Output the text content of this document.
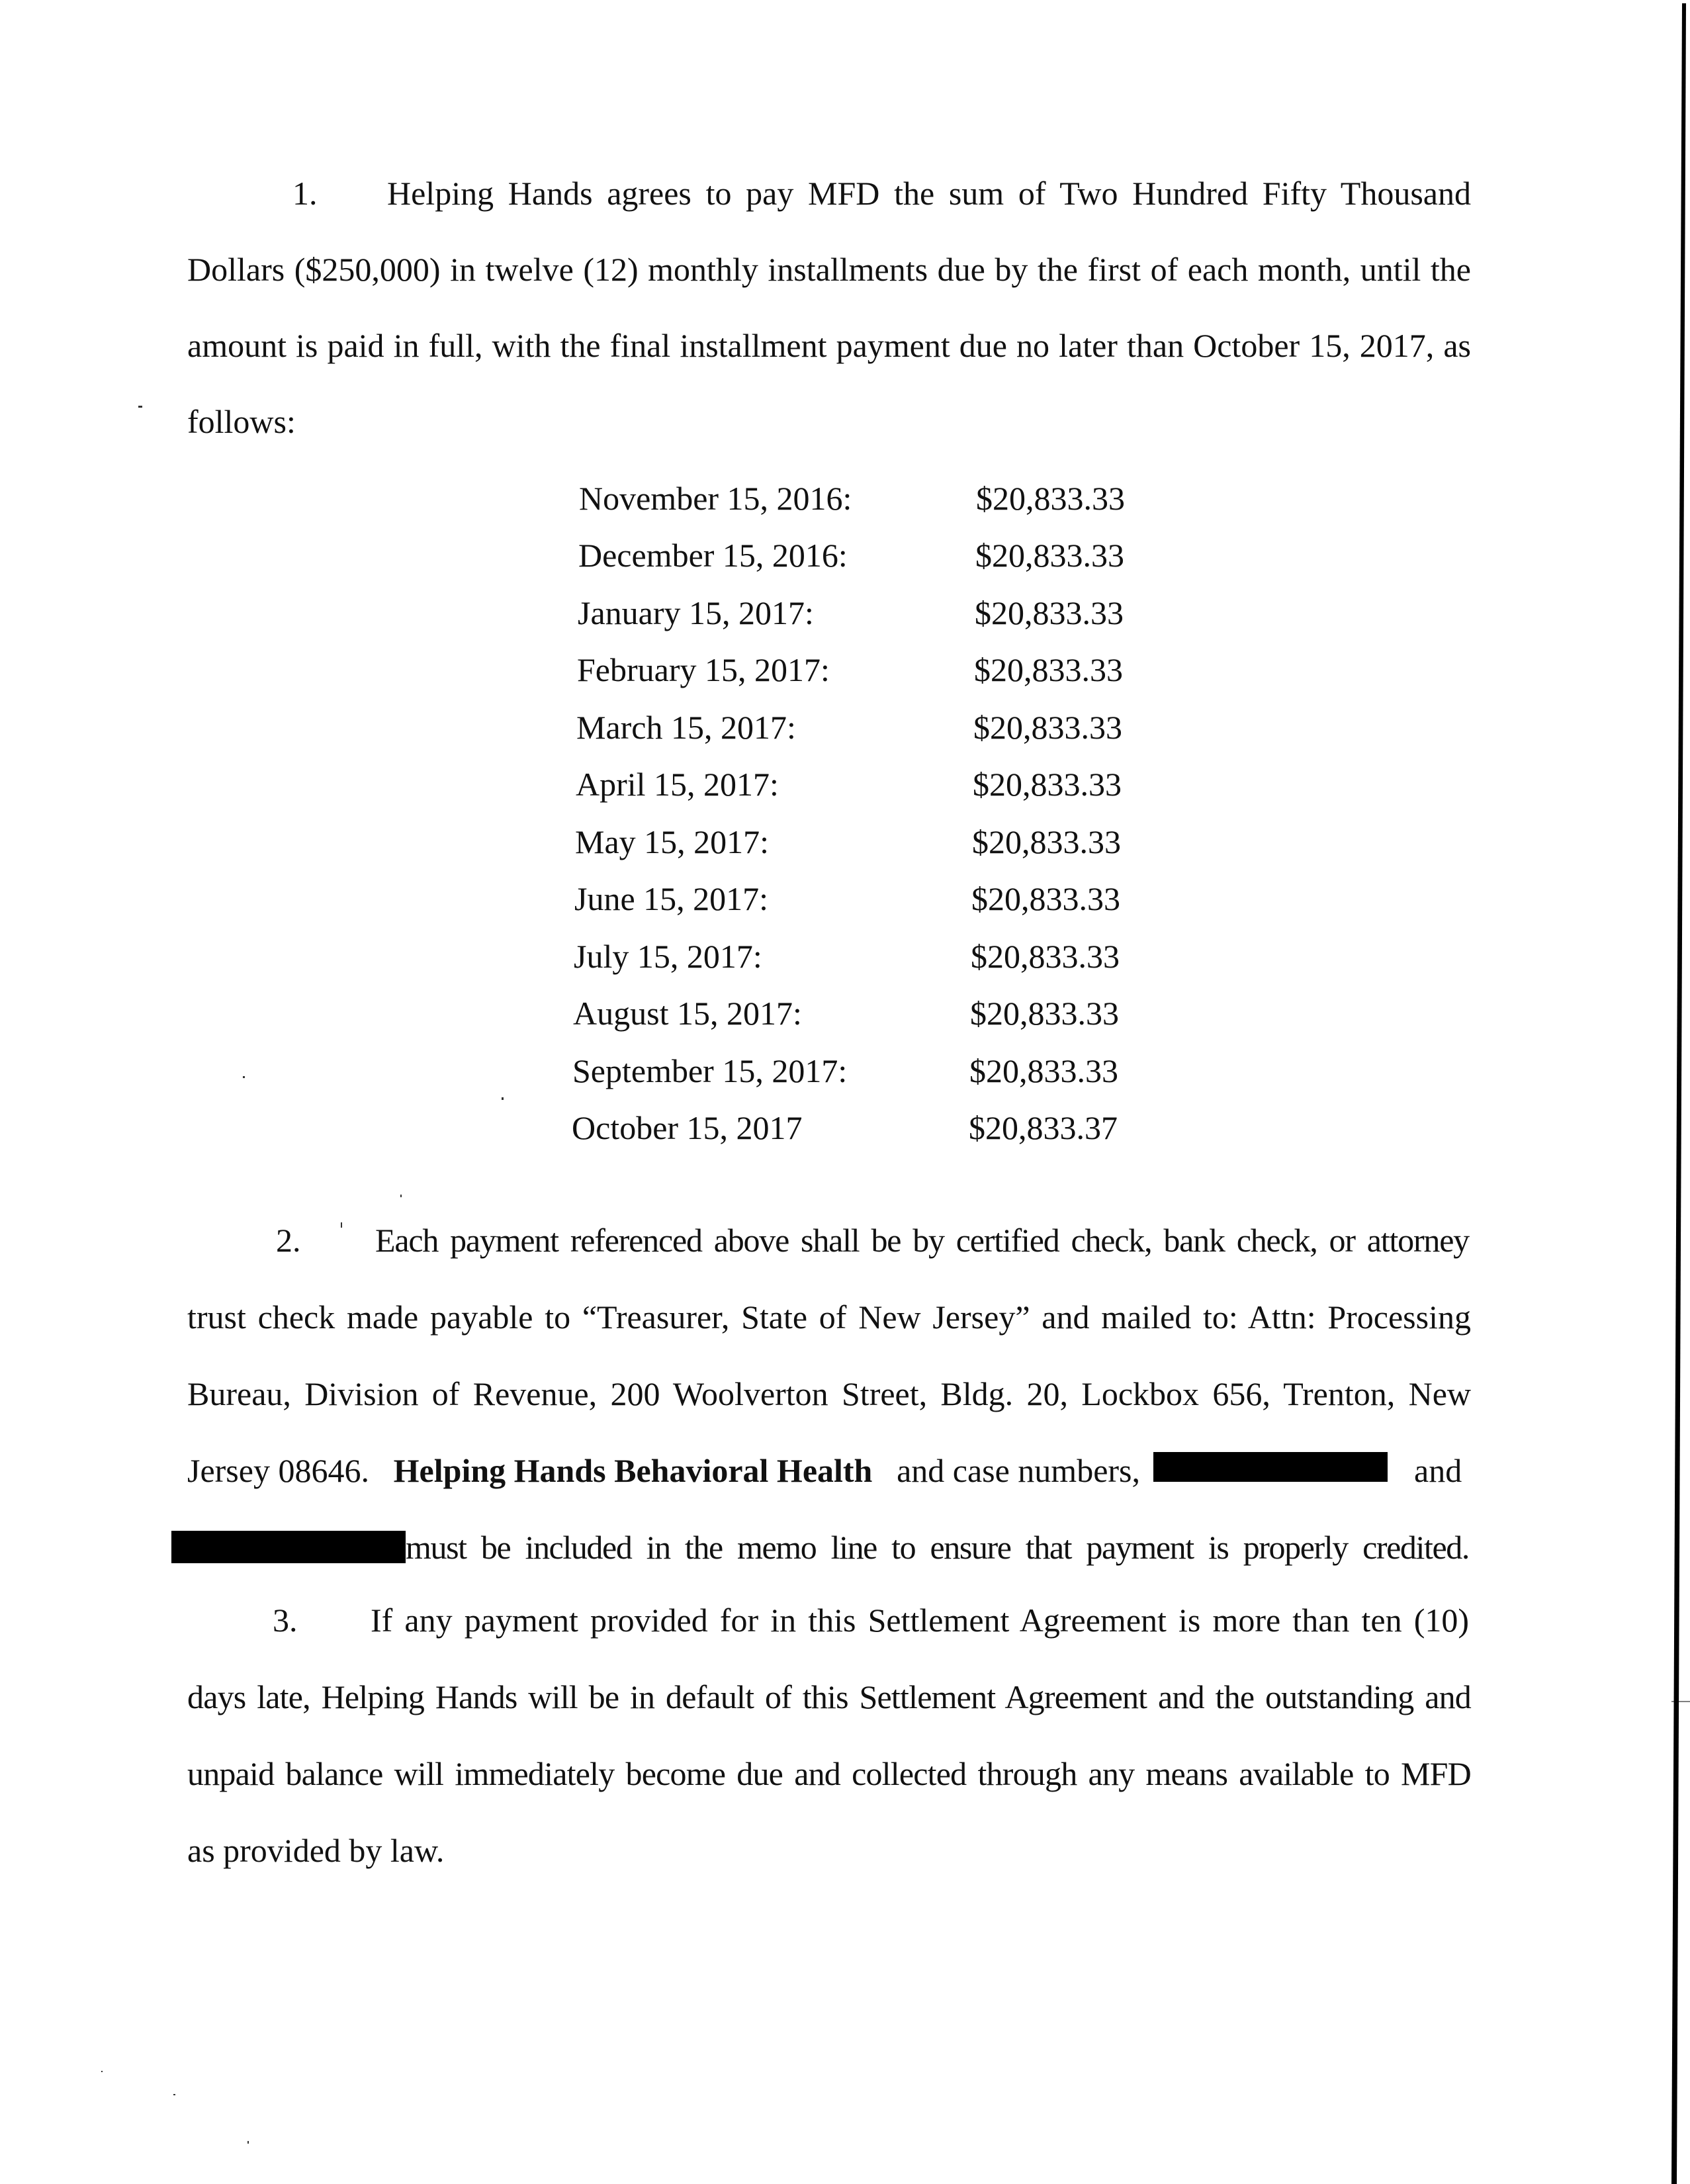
1. Helping Hands agrees to pay MFD the sum of Two Hundred Fifty Thousand
Dollars ($250,000) in twelve (12) monthly installments due by the first of each month, until the
amount is paid in full, with the final installment payment due no later than October 15, 2017, as
follows:
November 15, 2016:	$20,833.33
December 15, 2016:	$20,833.33
January 15, 2017:	$20,833.33
February 15, 2017:	$20,833.33
March 15, 2017:	$20,833.33
April 15, 2017:	$20,833.33
May 15, 2017:	$20,833.33
June 15, 2017:	$20,833.33
July 15, 2017:	$20,833.33
August 15, 2017:	$20,833.33
September 15, 2017:	$20,833.33
October 15, 2017	$20,833.37
2. Each payment referenced above shall be by certified check, bank check, or attorney
trust check made payable to “Treasurer, State of New Jersey” and mailed to: Attn: Processing
Bureau, Division of Revenue, 200 Woolverton Street, Bldg. 20, Lockbox 656, Trenton, New
Jersey 08646. Helping Hands Behavioral Health and case numbers,	and
must be included in the memo line to ensure that payment is properly credited.
3. If any payment provided for in this Settlement Agreement is more than ten (10)
days late, Helping Hands will be in default of this Settlement Agreement and the outstanding and
unpaid balance will immediately become due and collected through any means available to MFD
as provided by law.
